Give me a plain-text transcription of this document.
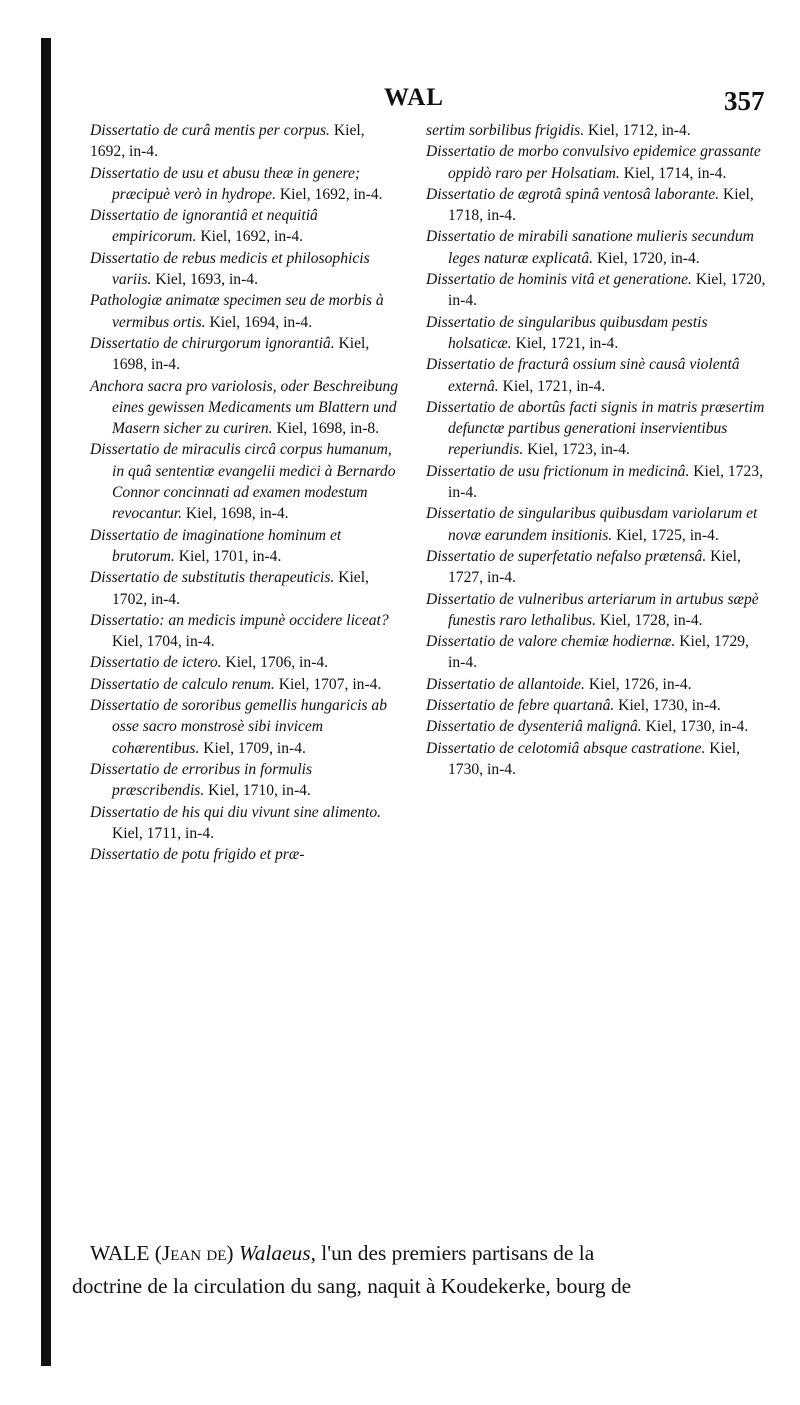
WAL	357

Dissertatio de curâ mentis per corpus. Kiel, 1692, in-4.

Dissertatio de usu et abusu theæ in genere; præcipuè verò in hydrope. Kiel, 1692, in-4.

Dissertatio de ignorantiâ et nequitiâ empiricorum. Kiel, 1692, in-4.

Dissertatio de rebus medicis et philosophicis variis. Kiel, 1693, in-4.

Pathologiæ animatæ specimen seu de morbis à vermibus ortis. Kiel, 1694, in-4.

Dissertatio de chirurgorum ignorantiâ. Kiel, 1698, in-4.

Anchora sacra pro variolosis, oder Beschreibung eines gewissen Medicaments um Blattern und Masern sicher zu curiren. Kiel, 1698, in-8.

Dissertatio de miraculis circâ corpus humanum, in quâ sententiæ evangelii medici à Bernardo Connor concinnati ad examen modestum revocantur. Kiel, 1698, in-4.

Dissertatio de imaginatione hominum et brutorum. Kiel, 1701, in-4.

Dissertatio de substitutis therapeuticis. Kiel, 1702, in-4.

Dissertatio: an medicis impunè occidere liceat? Kiel, 1704, in-4.

Dissertatio de ictero. Kiel, 1706, in-4.

Dissertatio de calculo renum. Kiel, 1707, in-4.

Dissertatio de sororibus gemellis hungaricis ab osse sacro monstrosè sibi invicem cohærentibus. Kiel, 1709, in-4.

Dissertatio de erroribus in formulis præscribendis. Kiel, 1710, in-4.

Dissertatio de his qui diu vivunt sine alimento. Kiel, 1711, in-4.

Dissertatio de potu frigido et præ-

sertim sorbilibus frigidis. Kiel, 1712, in-4.

Dissertatio de morbo convulsivo epidemice grassante oppidò raro per Holsatiam. Kiel, 1714, in-4.

Dissertatio de ægrotâ spinâ ventosâ laborante. Kiel, 1718, in-4.

Dissertatio de mirabili sanatione mulieris secundum leges naturæ explicatâ. Kiel, 1720, in-4.

Dissertatio de hominis vitâ et generatione. Kiel, 1720, in-4.

Dissertatio de singularibus quibusdam pestis holsaticæ. Kiel, 1721, in-4.

Dissertatio de fracturâ ossium sinè causâ violentâ externâ. Kiel, 1721, in-4.

Dissertatio de abortûs facti signis in matris præsertim defunctæ partibus generationi inservientibus reperiundis. Kiel, 1723, in-4.

Dissertatio de usu frictionum in medicinâ. Kiel, 1723, in-4.

Dissertatio de singularibus quibusdam variolarum et novæ earundem insitionis. Kiel, 1725, in-4.

Dissertatio de superfetatio nefalso prætensâ. Kiel, 1727, in-4.

Dissertatio de vulneribus arteriarum in artubus sæpè funestis raro lethalibus. Kiel, 1728, in-4.

Dissertatio de valore chemiæ hodiernæ. Kiel, 1729, in-4.

Dissertatio de allantoide. Kiel, 1726, in-4.

Dissertatio de febre quartanâ. Kiel, 1730, in-4.

Dissertatio de dysenteriâ malignâ. Kiel, 1730, in-4.

Dissertatio de celotomiâ absque castratione. Kiel, 1730, in-4.

WALE (Jean de) Walaeus, l'un des premiers partisans de la

doctrine de la circulation du sang, naquit à Koudekerke, bourg de
